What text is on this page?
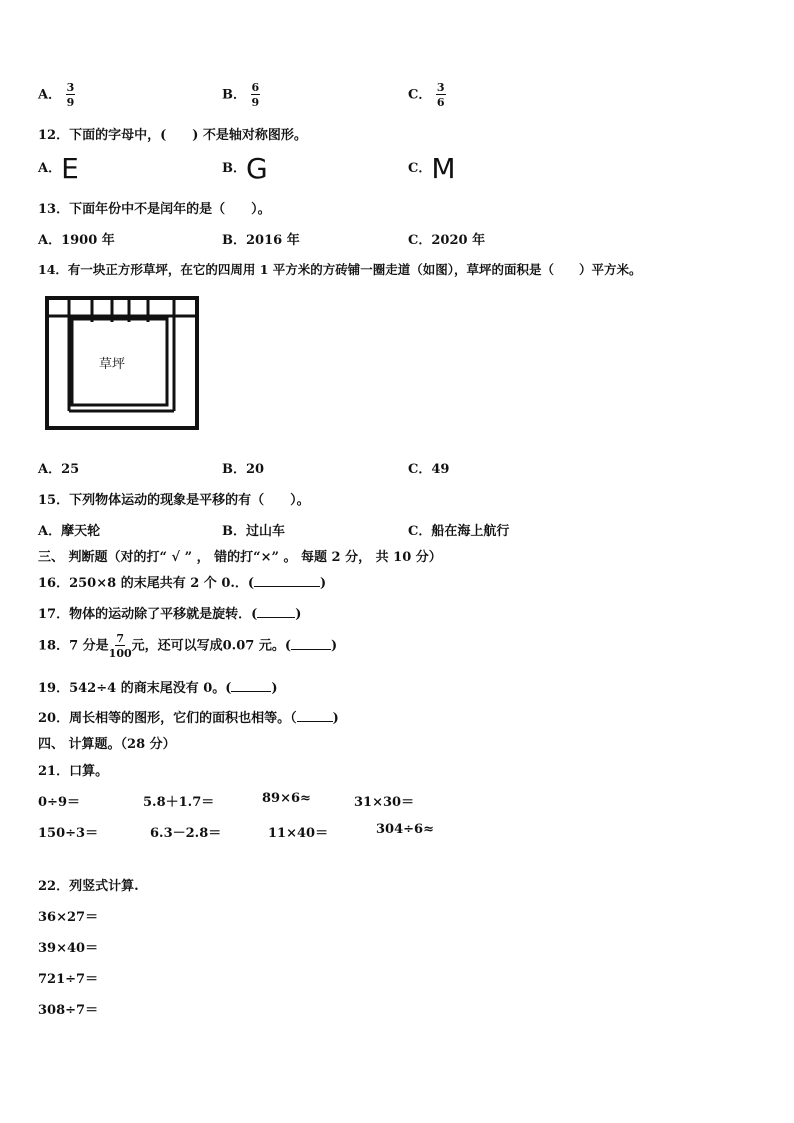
A． $\frac{3}{9}$	B． $\frac{6}{9}$	C． $\frac{3}{6}$
12．下面的字母中，(　　) 不是轴对称图形。
A．E	B．G	C．M
13．下面年份中不是闰年的是（　　）。
A．1900 年	B．2016 年	C．2020 年
14．有一块正方形草坪，在它的四周用 1 平方米的方砖铺一圈走道（如图），草坪的面积是（　　）平方米。
草坪
A．25	B．20	C．49
15．下列物体运动的现象是平移的有（　　）。
A．摩天轮	B．过山车	C．船在海上航行
三、 判断题（对的打“ √ ” ， 错的打“×” 。 每题 2 分， 共 10 分）
16．250×8 的末尾共有 2 个 0.．(	)
17．物体的运动除了平移就是旋转．(	)
18．7 分是 $\frac{7}{100}$ 元，还可以写成0.07 元。(	)
19．542÷4 的商末尾没有 0。(	)
20．周长相等的图形，它们的面积也相等。（	)
四、 计算题。（28 分）
21．口算。
0÷9＝	5.8＋1.7＝	89×6≈	31×30＝
150÷3＝	6.3－2.8＝	11×40＝	304÷6≈
22．列竖式计算.
36×27＝
39×40＝
721÷7＝
308÷7＝
